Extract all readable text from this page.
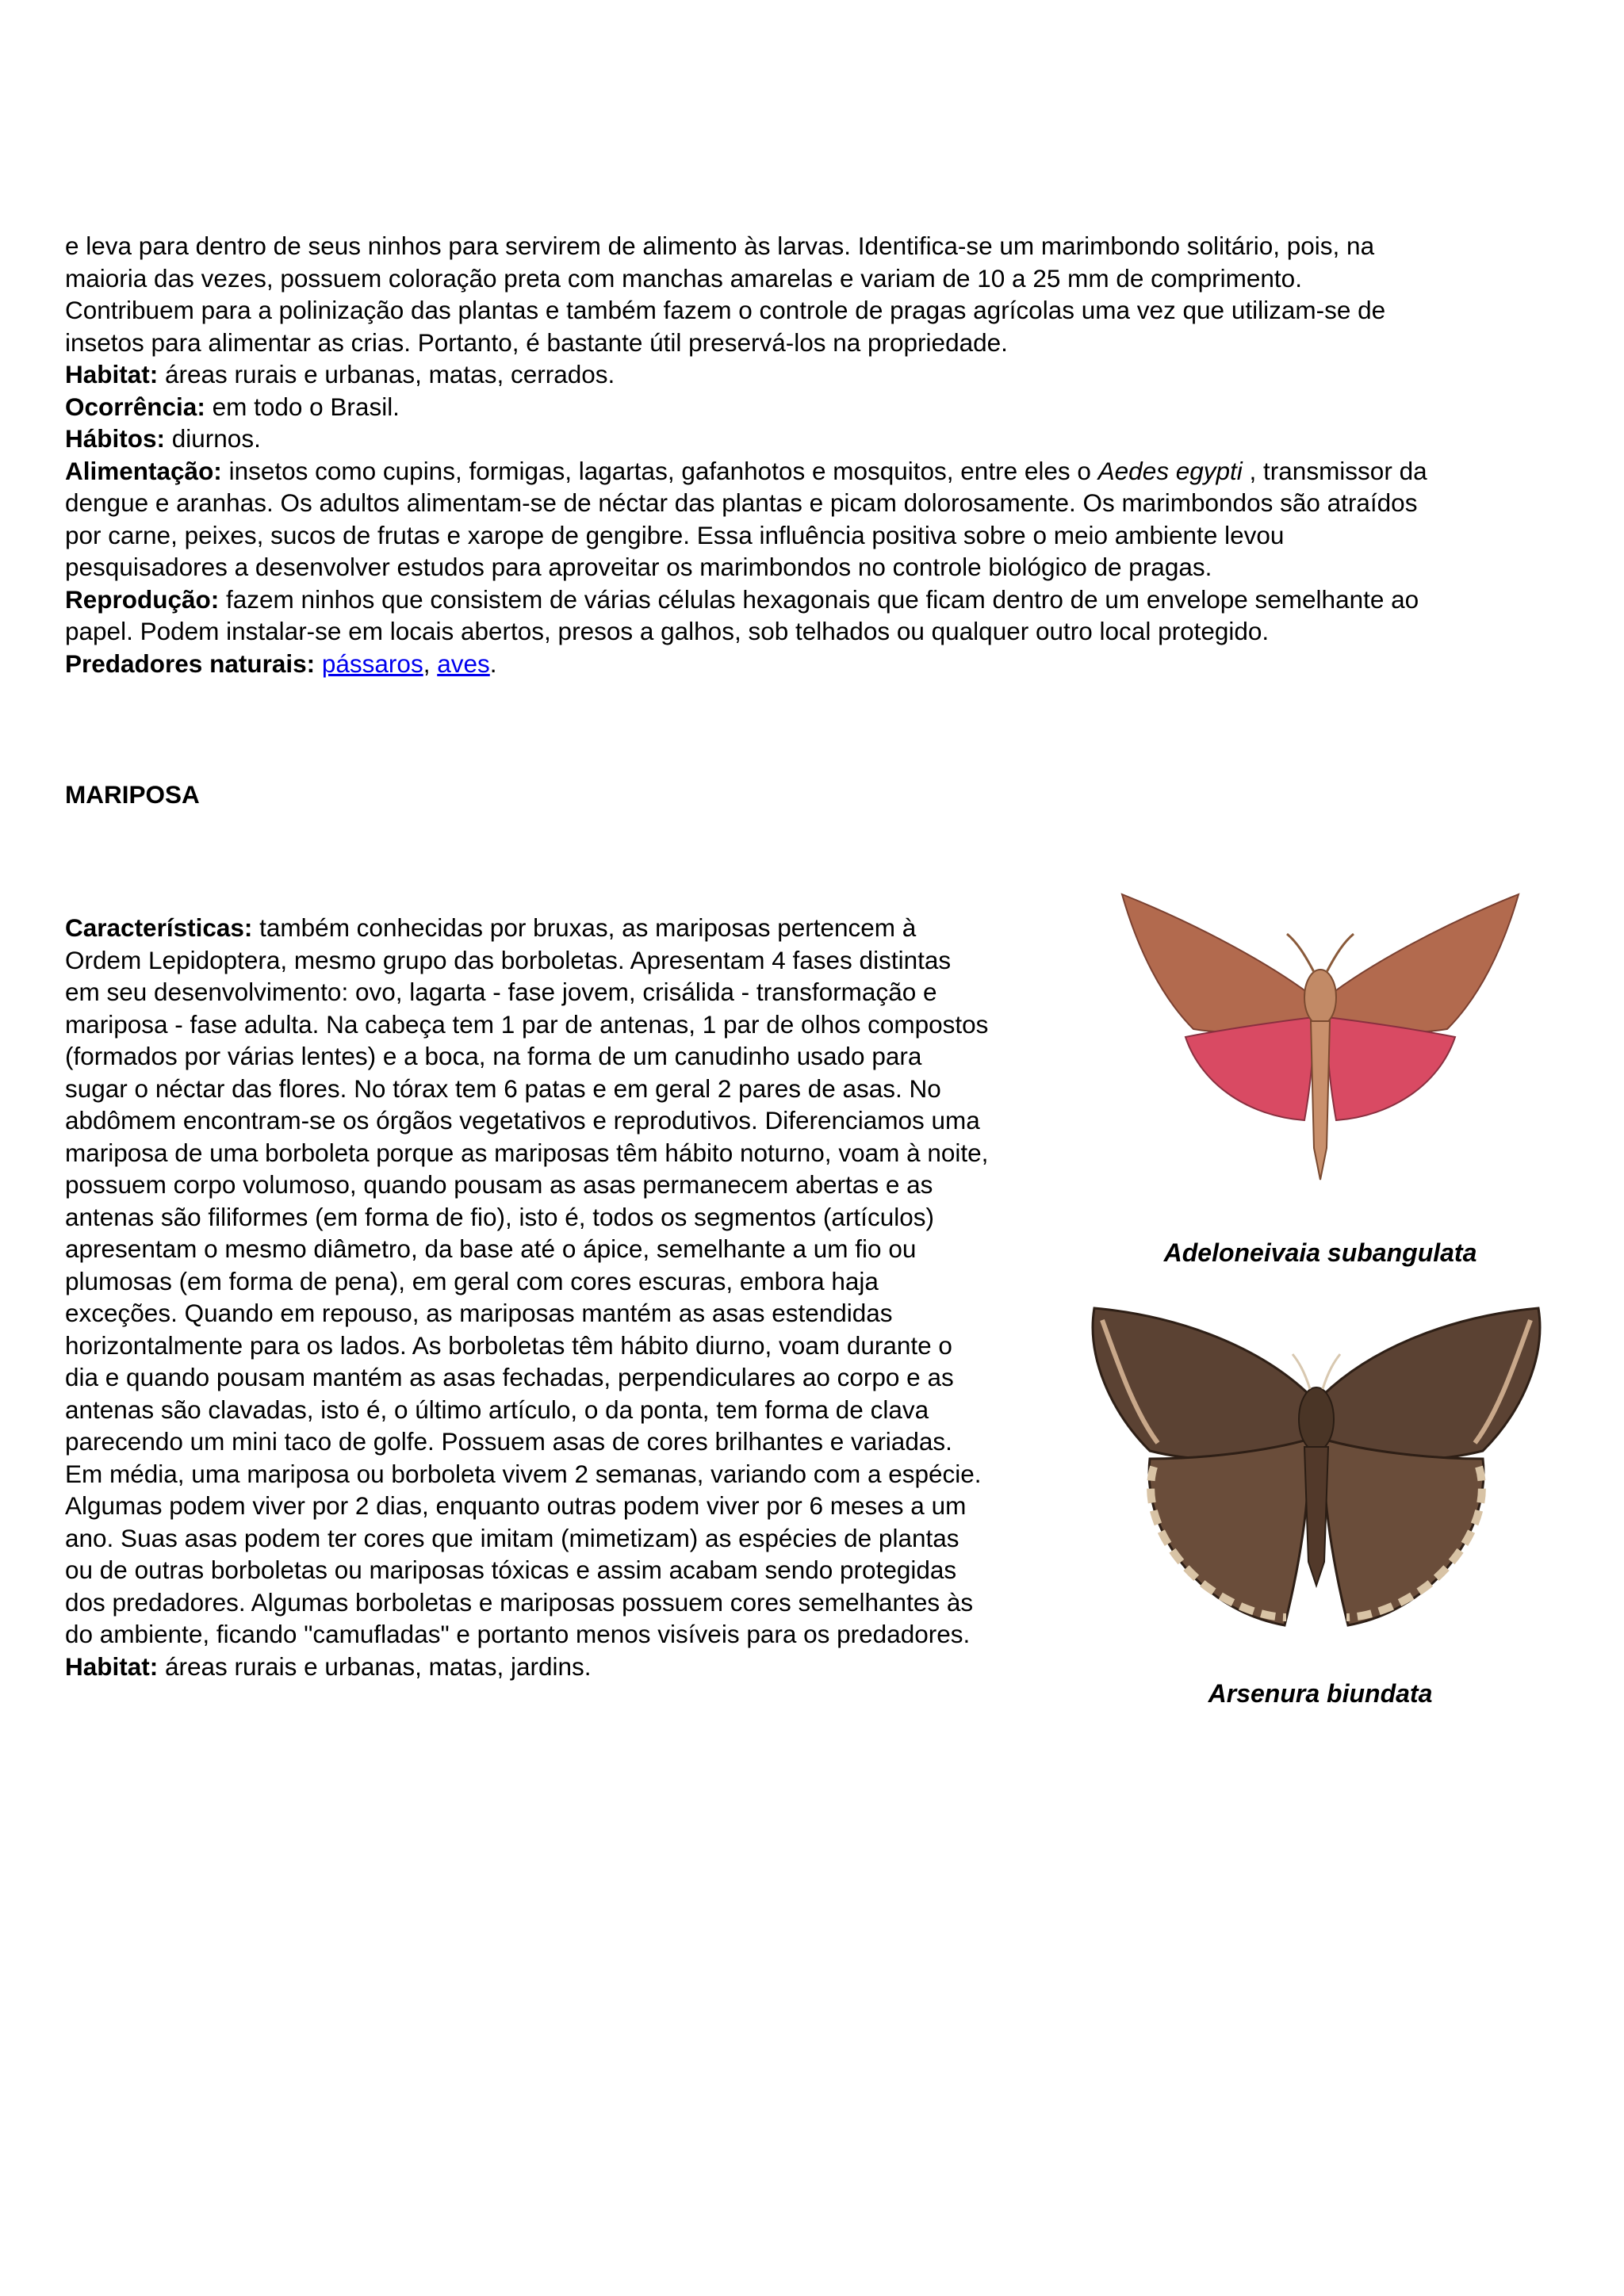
e leva para dentro de seus ninhos para servirem de alimento às larvas. Identifica-se um marimbondo solitário, pois, na
maioria das vezes, possuem coloração preta com manchas amarelas e variam de 10 a 25 mm de comprimento.
Contribuem para a polinização das plantas e também fazem o controle de pragas agrícolas uma vez que utilizam-se de
insetos para alimentar as crias. Portanto, é bastante útil preservá-los na propriedade.
Habitat: áreas rurais e urbanas, matas, cerrados.
Ocorrência: em todo o Brasil.
Hábitos: diurnos.
Alimentação: insetos como cupins, formigas, lagartas, gafanhotos e mosquitos, entre eles o Aedes egypti , transmissor da
dengue e aranhas. Os adultos alimentam-se de néctar das plantas e picam dolorosamente. Os marimbondos são atraídos
por carne, peixes, sucos de frutas e xarope de gengibre. Essa influência positiva sobre o meio ambiente levou
pesquisadores a desenvolver estudos para aproveitar os marimbondos no controle biológico de pragas.
Reprodução: fazem ninhos que consistem de várias células hexagonais que ficam dentro de um envelope semelhante ao
papel. Podem instalar-se em locais abertos, presos a galhos, sob telhados ou qualquer outro local protegido.
Predadores naturais: pássaros, aves.
MARIPOSA
Características: também conhecidas por bruxas, as mariposas pertencem à
Ordem Lepidoptera, mesmo grupo das borboletas. Apresentam 4 fases distintas
em seu desenvolvimento: ovo, lagarta - fase jovem, crisálida - transformação e
mariposa - fase adulta. Na cabeça tem 1 par de antenas, 1 par de olhos compostos
(formados por várias lentes) e a boca, na forma de um canudinho usado para
sugar o néctar das flores. No tórax tem 6 patas e em geral 2 pares de asas. No
abdômem encontram-se os órgãos vegetativos e reprodutivos. Diferenciamos uma
mariposa de uma borboleta porque as mariposas têm hábito noturno, voam à noite,
possuem corpo volumoso, quando pousam as asas permanecem abertas e as
antenas são filiformes (em forma de fio), isto é, todos os segmentos (artículos)
apresentam o mesmo diâmetro, da base até o ápice, semelhante a um fio ou
plumosas (em forma de pena), em geral com cores escuras, embora haja
exceções. Quando em repouso, as mariposas mantém as asas estendidas
horizontalmente para os lados. As borboletas têm hábito diurno, voam durante o
dia e quando pousam mantém as asas fechadas, perpendiculares ao corpo e as
antenas são clavadas, isto é, o último artículo, o da ponta, tem forma de clava
parecendo um mini taco de golfe. Possuem asas de cores brilhantes e variadas.
Em média, uma mariposa ou borboleta vivem 2 semanas, variando com a espécie.
Algumas podem viver por 2 dias, enquanto outras podem viver por 6 meses a um
ano. Suas asas podem ter cores que imitam (mimetizam) as espécies de plantas
ou de outras borboletas ou mariposas tóxicas e assim acabam sendo protegidas
dos predadores. Algumas borboletas e mariposas possuem cores semelhantes às
do ambiente, ficando "camufladas" e portanto menos visíveis para os predadores.
Habitat: áreas rurais e urbanas, matas, jardins.
Adeloneivaia subangulata
Arsenura biundata
